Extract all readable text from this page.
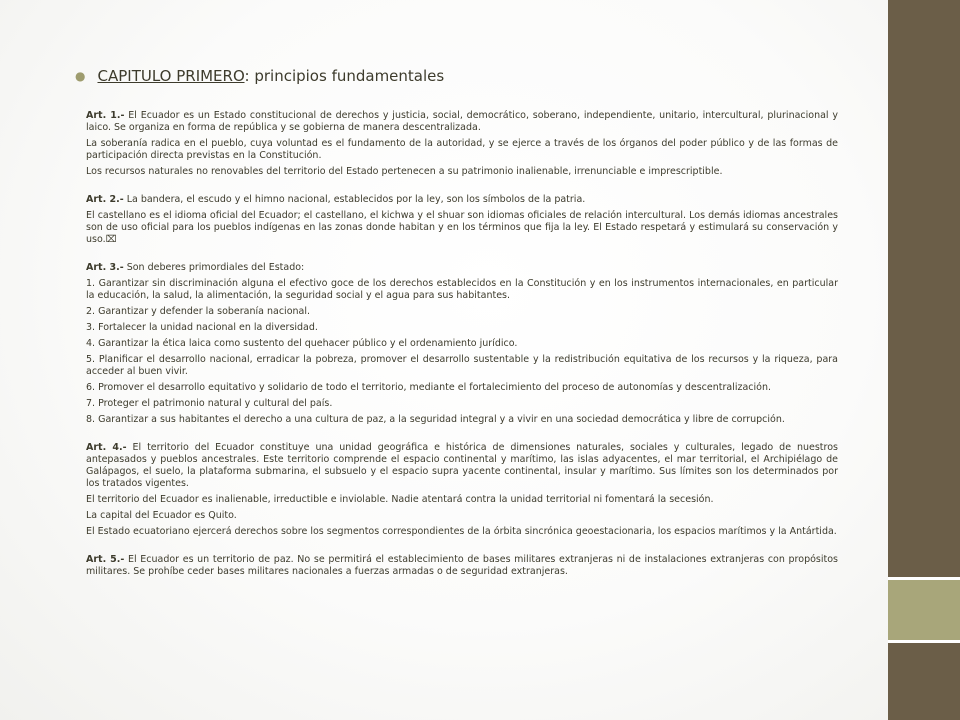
● CAPITULO PRIMERO: principios fundamentales
Art. 1.- El Ecuador es un Estado constitucional de derechos y justicia, social, democrático, soberano, independiente, unitario, intercultural, plurinacional y laico. Se organiza en forma de república y se gobierna de manera descentralizada.
La soberanía radica en el pueblo, cuya voluntad es el fundamento de la autoridad, y se ejerce a través de los órganos del poder público y de las formas de participación directa previstas en la Constitución.
Los recursos naturales no renovables del territorio del Estado pertenecen a su patrimonio inalienable, irrenunciable e imprescriptible.
Art. 2.- La bandera, el escudo y el himno nacional, establecidos por la ley, son los símbolos de la patria.
El castellano es el idioma oficial del Ecuador; el castellano, el kichwa y el shuar son idiomas oficiales de relación intercultural. Los demás idiomas ancestrales son de uso oficial para los pueblos indígenas en las zonas donde habitan y en los términos que fija la ley. El Estado respetará y estimulará su conservación y uso.⌧
Art. 3.- Son deberes primordiales del Estado:
1. Garantizar sin discriminación alguna el efectivo goce de los derechos establecidos en la Constitución y en los instrumentos internacionales, en particular la educación, la salud, la alimentación, la seguridad social y el agua para sus habitantes.
2. Garantizar y defender la soberanía nacional.
3. Fortalecer la unidad nacional en la diversidad.
4. Garantizar la ética laica como sustento del quehacer público y el ordenamiento jurídico.
5. Planificar el desarrollo nacional, erradicar la pobreza, promover el desarrollo sustentable y la redistribución equitativa de los recursos y la riqueza, para acceder al buen vivir.
6. Promover el desarrollo equitativo y solidario de todo el territorio, mediante el fortalecimiento del proceso de autonomías y descentralización.
7. Proteger el patrimonio natural y cultural del país.
8. Garantizar a sus habitantes el derecho a una cultura de paz, a la seguridad integral y a vivir en una sociedad democrática y libre de corrupción.
Art. 4.- El territorio del Ecuador constituye una unidad geográfica e histórica de dimensiones naturales, sociales y culturales, legado de nuestros antepasados y pueblos ancestrales. Este territorio comprende el espacio continental y marítimo, las islas adyacentes, el mar territorial, el Archipiélago de Galápagos, el suelo, la plataforma submarina, el subsuelo y el espacio supra yacente continental, insular y marítimo. Sus límites son los determinados por los tratados vigentes.
El territorio del Ecuador es inalienable, irreductible e inviolable. Nadie atentará contra la unidad territorial ni fomentará la secesión.
La capital del Ecuador es Quito.
El Estado ecuatoriano ejercerá derechos sobre los segmentos correspondientes de la órbita sincrónica geoestacionaria, los espacios marítimos y la Antártida.
Art. 5.- El Ecuador es un territorio de paz. No se permitirá el establecimiento de bases militares extranjeras ni de instalaciones extranjeras con propósitos militares. Se prohíbe ceder bases militares nacionales a fuerzas armadas o de seguridad extranjeras.
